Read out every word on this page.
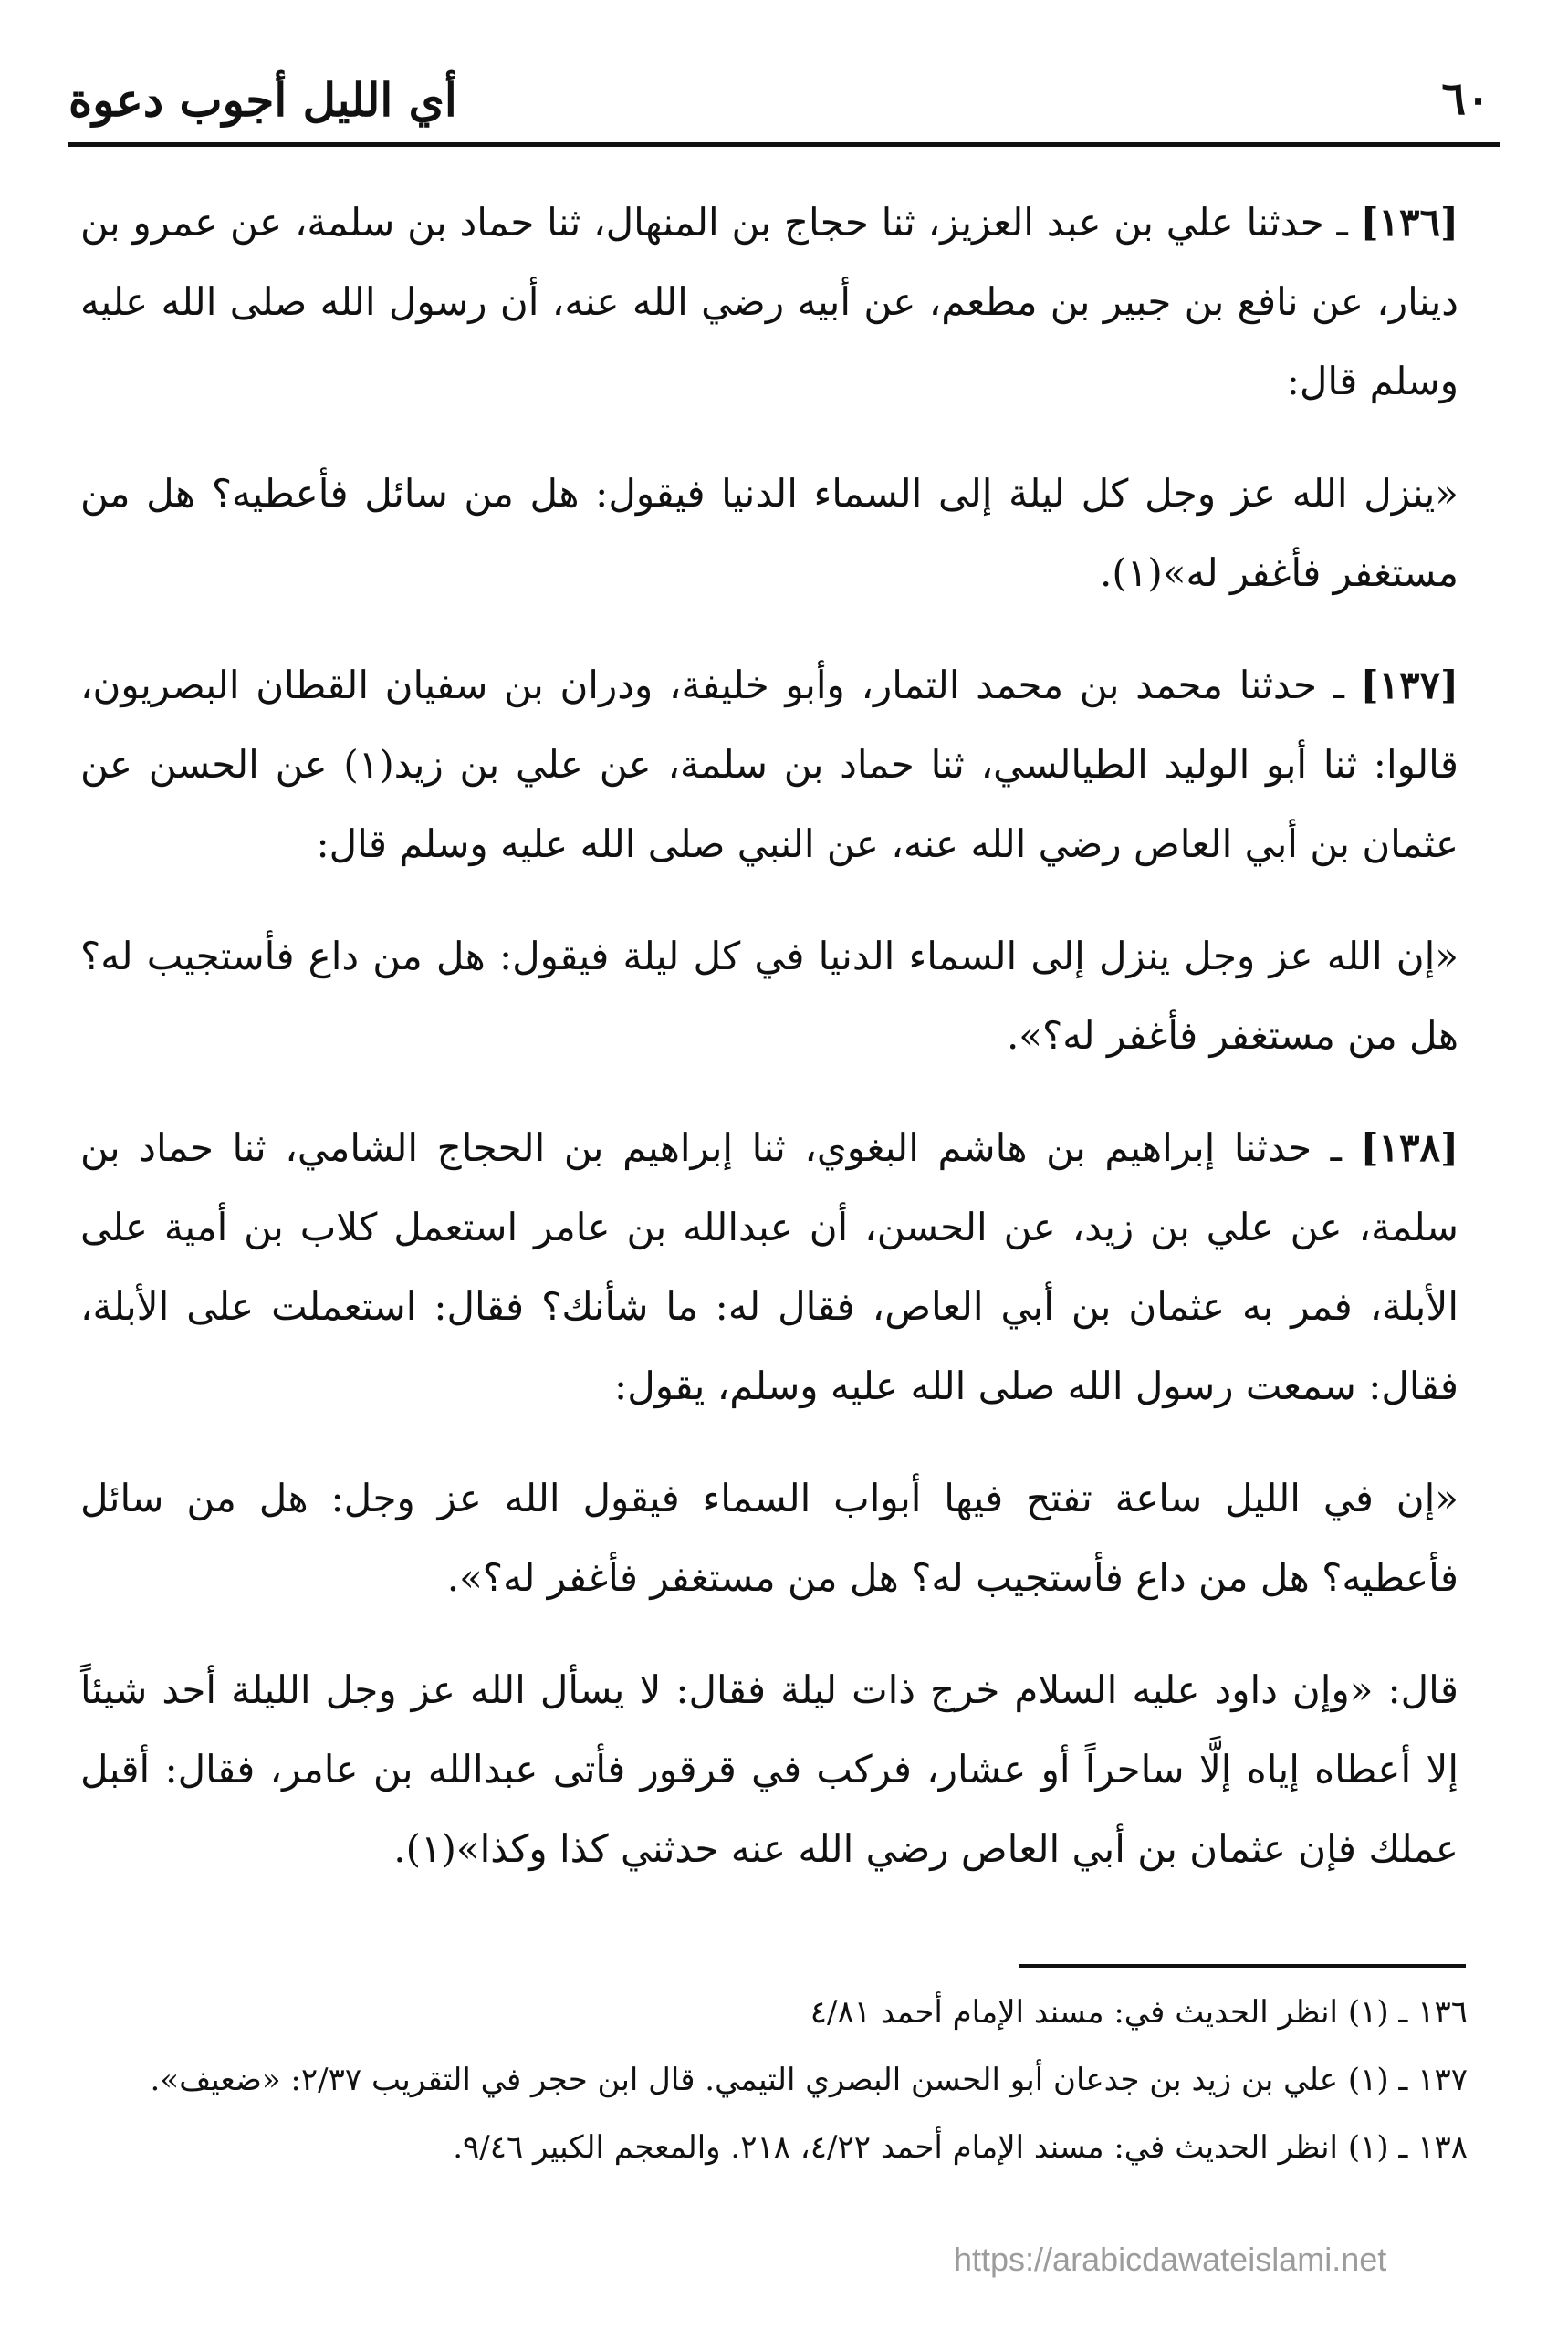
٦٠
أي الليل أجوب دعوة

[١٣٦] ـ حدثنا علي بن عبد العزيز، ثنا حجاج بن المنهال، ثنا حماد بن سلمة، عن عمرو بن دينار، عن نافع بن جبير بن مطعم، عن أبيه رضي الله عنه، أن رسول الله صلى الله عليه وسلم قال:

«ينزل الله عز وجل كل ليلة إلى السماء الدنيا فيقول: هل من سائل فأعطيه؟ هل من مستغفر فأغفر له»(١).

[١٣٧] ـ حدثنا محمد بن محمد التمار، وأبو خليفة، ودران بن سفيان القطان البصريون، قالوا: ثنا أبو الوليد الطيالسي، ثنا حماد بن سلمة، عن علي بن زيد(١) عن الحسن عن عثمان بن أبي العاص رضي الله عنه، عن النبي صلى الله عليه وسلم قال:

«إن الله عز وجل ينزل إلى السماء الدنيا في كل ليلة فيقول: هل من داع فأستجيب له؟ هل من مستغفر فأغفر له؟».

[١٣٨] ـ حدثنا إبراهيم بن هاشم البغوي، ثنا إبراهيم بن الحجاج الشامي، ثنا حماد بن سلمة، عن علي بن زيد، عن الحسن، أن عبدالله بن عامر استعمل كلاب بن أمية على الأبلة، فمر به عثمان بن أبي العاص، فقال له: ما شأنك؟ فقال: استعملت على الأبلة، فقال: سمعت رسول الله صلى الله عليه وسلم، يقول:

«إن في الليل ساعة تفتح فيها أبواب السماء فيقول الله عز وجل: هل من سائل فأعطيه؟ هل من داع فأستجيب له؟ هل من مستغفر فأغفر له؟».

قال: «وإن داود عليه السلام خرج ذات ليلة فقال: لا يسأل الله عز وجل الليلة أحد شيئاً إلا أعطاه إياه إلَّا ساحراً أو عشار، فركب في قرقور فأتى عبدالله بن عامر، فقال: أقبل عملك فإن عثمان بن أبي العاص رضي الله عنه حدثني كذا وكذا»(١).

١٣٦ ـ (١) انظر الحديث في: مسند الإمام أحمد ٤/٨١

١٣٧ ـ (١) علي بن زيد بن جدعان أبو الحسن البصري التيمي. قال ابن حجر في التقريب ٢/٣٧: «ضعيف».

١٣٨ ـ (١) انظر الحديث في: مسند الإمام أحمد ٤/٢٢، ٢١٨. والمعجم الكبير ٩/٤٦.

https://arabicdawateislami.net
